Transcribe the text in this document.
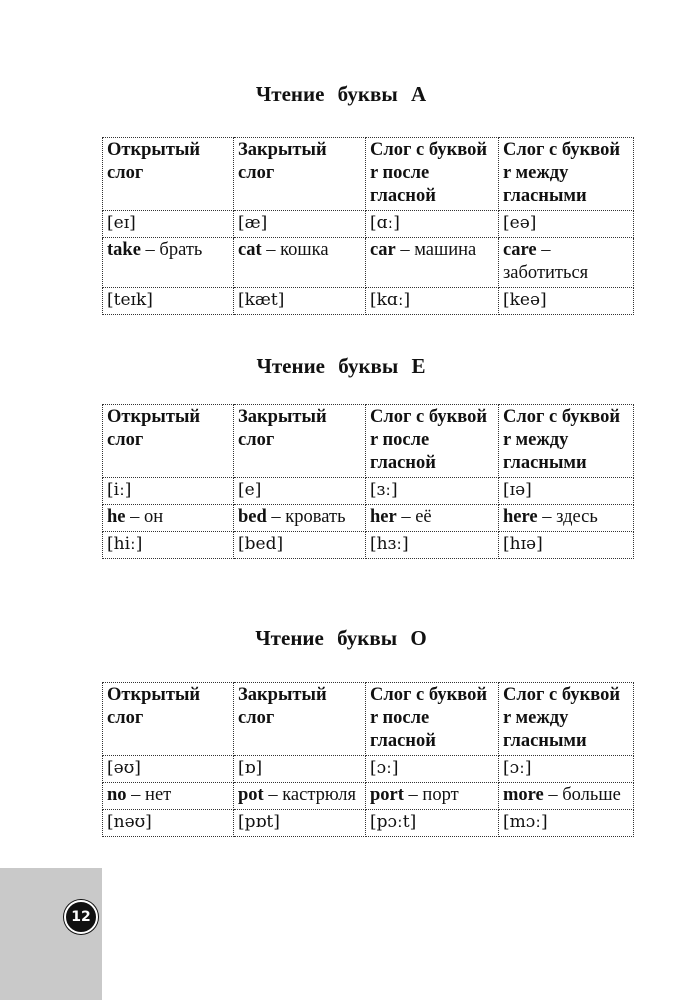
Чтение буквы А
Открытый слог	Закрытый слог	Слог с буквой r после гласной	Слог с буквой r между гласными
[eɪ]	[æ]	[ɑː]	[eə]
take – брать	cat – кошка	car – машина	care – заботиться
[teɪk]	[kæt]	[kɑː]	[keə]
Чтение буквы Е
Открытый слог	Закрытый слог	Слог с буквой r после гласной	Слог с буквой r между гласными
[iː]	[e]	[ɜː]	[ɪə]
he – он	bed – кровать	her – её	here – здесь
[hiː]	[bed]	[hɜː]	[hɪə]
Чтение буквы О
Открытый слог	Закрытый слог	Слог с буквой r после гласной	Слог с буквой r между гласными
[əʊ]	[ɒ]	[ɔː]	[ɔː]
no – нет	pot – кастрюля	port – порт	more – больше
[nəʊ]	[pɒt]	[pɔːt]	[mɔː]
12
